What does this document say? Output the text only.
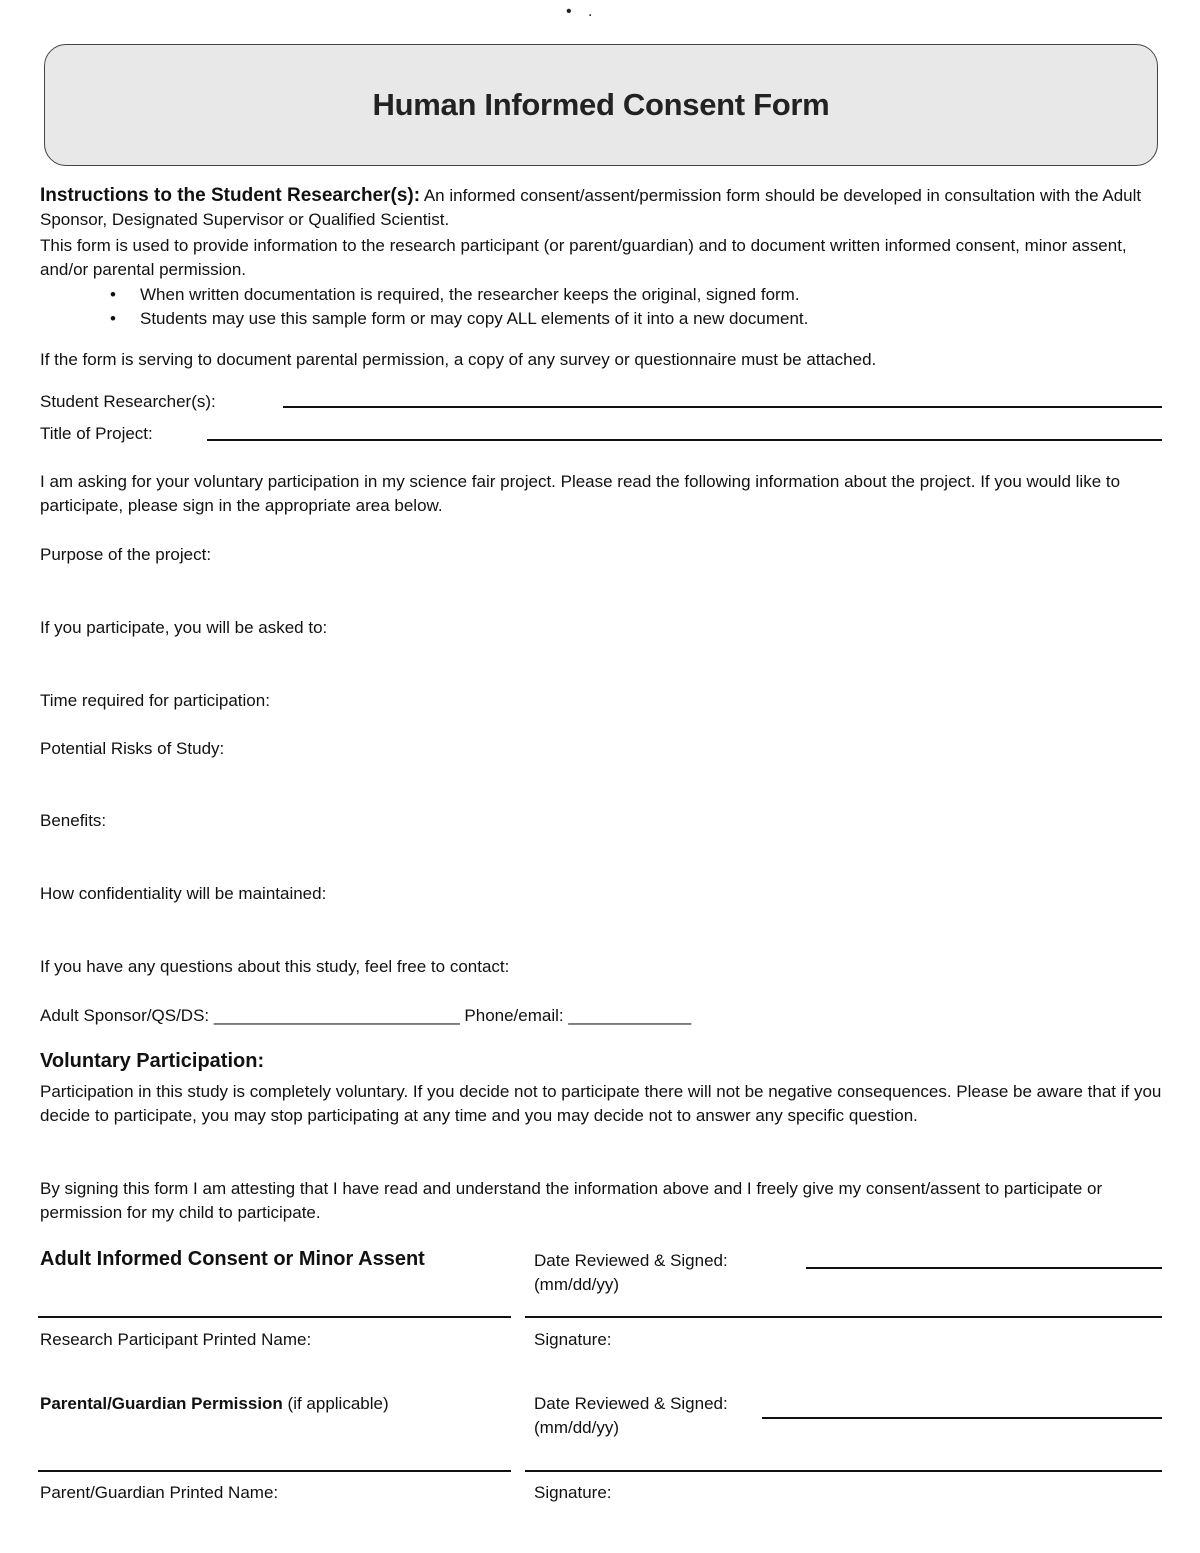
• .
Human Informed Consent Form
Instructions to the Student Researcher(s): An informed consent/assent/permission form should be developed in consultation with the Adult Sponsor, Designated Supervisor or Qualified Scientist.
This form is used to provide information to the research participant (or parent/guardian) and to document written informed consent, minor assent, and/or parental permission.
• When written documentation is required, the researcher keeps the original, signed form.
• Students may use this sample form or may copy ALL elements of it into a new document.
If the form is serving to document parental permission, a copy of any survey or questionnaire must be attached.
Student Researcher(s):
Title of Project:
I am asking for your voluntary participation in my science fair project. Please read the following information about the project. If you would like to participate, please sign in the appropriate area below.
Purpose of the project:
If you participate, you will be asked to:
Time required for participation:
Potential Risks of Study:
Benefits:
How confidentiality will be maintained:
If you have any questions about this study, feel free to contact:
Adult Sponsor/QS/DS: __________________________ Phone/email: _____________
Voluntary Participation:
Participation in this study is completely voluntary. If you decide not to participate there will not be negative consequences. Please be aware that if you decide to participate, you may stop participating at any time and you may decide not to answer any specific question.
By signing this form I am attesting that I have read and understand the information above and I freely give my consent/assent to participate or permission for my child to participate.
Adult Informed Consent or Minor Assent	Date Reviewed & Signed:
(mm/dd/yy)
Research Participant Printed Name:	Signature:
Parental/Guardian Permission (if applicable)	Date Reviewed & Signed:
(mm/dd/yy)
Parent/Guardian Printed Name:	Signature:
